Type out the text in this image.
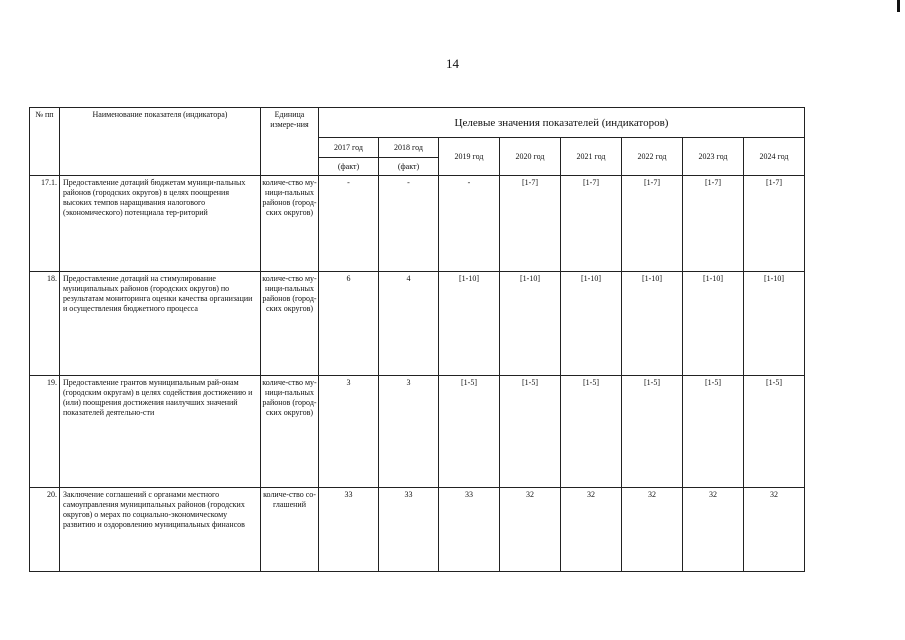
14
№ пп	Наименование показателя (индикатора)	Единица измере-ния	Целевые значения показателей (индикаторов)							
			2017 год	2018 год	2019 год	2020 год	2021 год	2022 год	2023 год	2024 год
			(факт)	(факт)						
17.1.	Предоставление дотаций бюджетам муници-пальных районов (городских округов) в целях поощрения высоких темпов наращивания налогового (экономического) потенциала тер-риторий	количе-ство му-ници-пальных районов (город-ских округов)	-	-	-	[1-7]	[1-7]	[1-7]	[1-7]	[1-7]
18.	Предоставление дотаций на стимулирование муниципальных районов (городских округов) по результатам мониторинга оценки качества организации и осуществления бюджетного процесса	количе-ство му-ници-пальных районов (город-ских округов)	6	4	[1-10]	[1-10]	[1-10]	[1-10]	[1-10]	[1-10]
19.	Предоставление грантов муниципальным рай-онам (городским округам) в целях содействия достижению и (или) поощрения достижения наилучших значений показателей деятельно-сти	количе-ство му-ници-пальных районов (город-ских округов)	3	3	[1-5]	[1-5]	[1-5]	[1-5]	[1-5]	[1-5]
20.	Заключение соглашений с органами местного самоуправления муниципальных районов (городских округов) о мерах по социально-экономическому развитию и оздоровлению муниципальных финансов	количе-ство со-глашений	33	33	33	32	32	32	32	32
